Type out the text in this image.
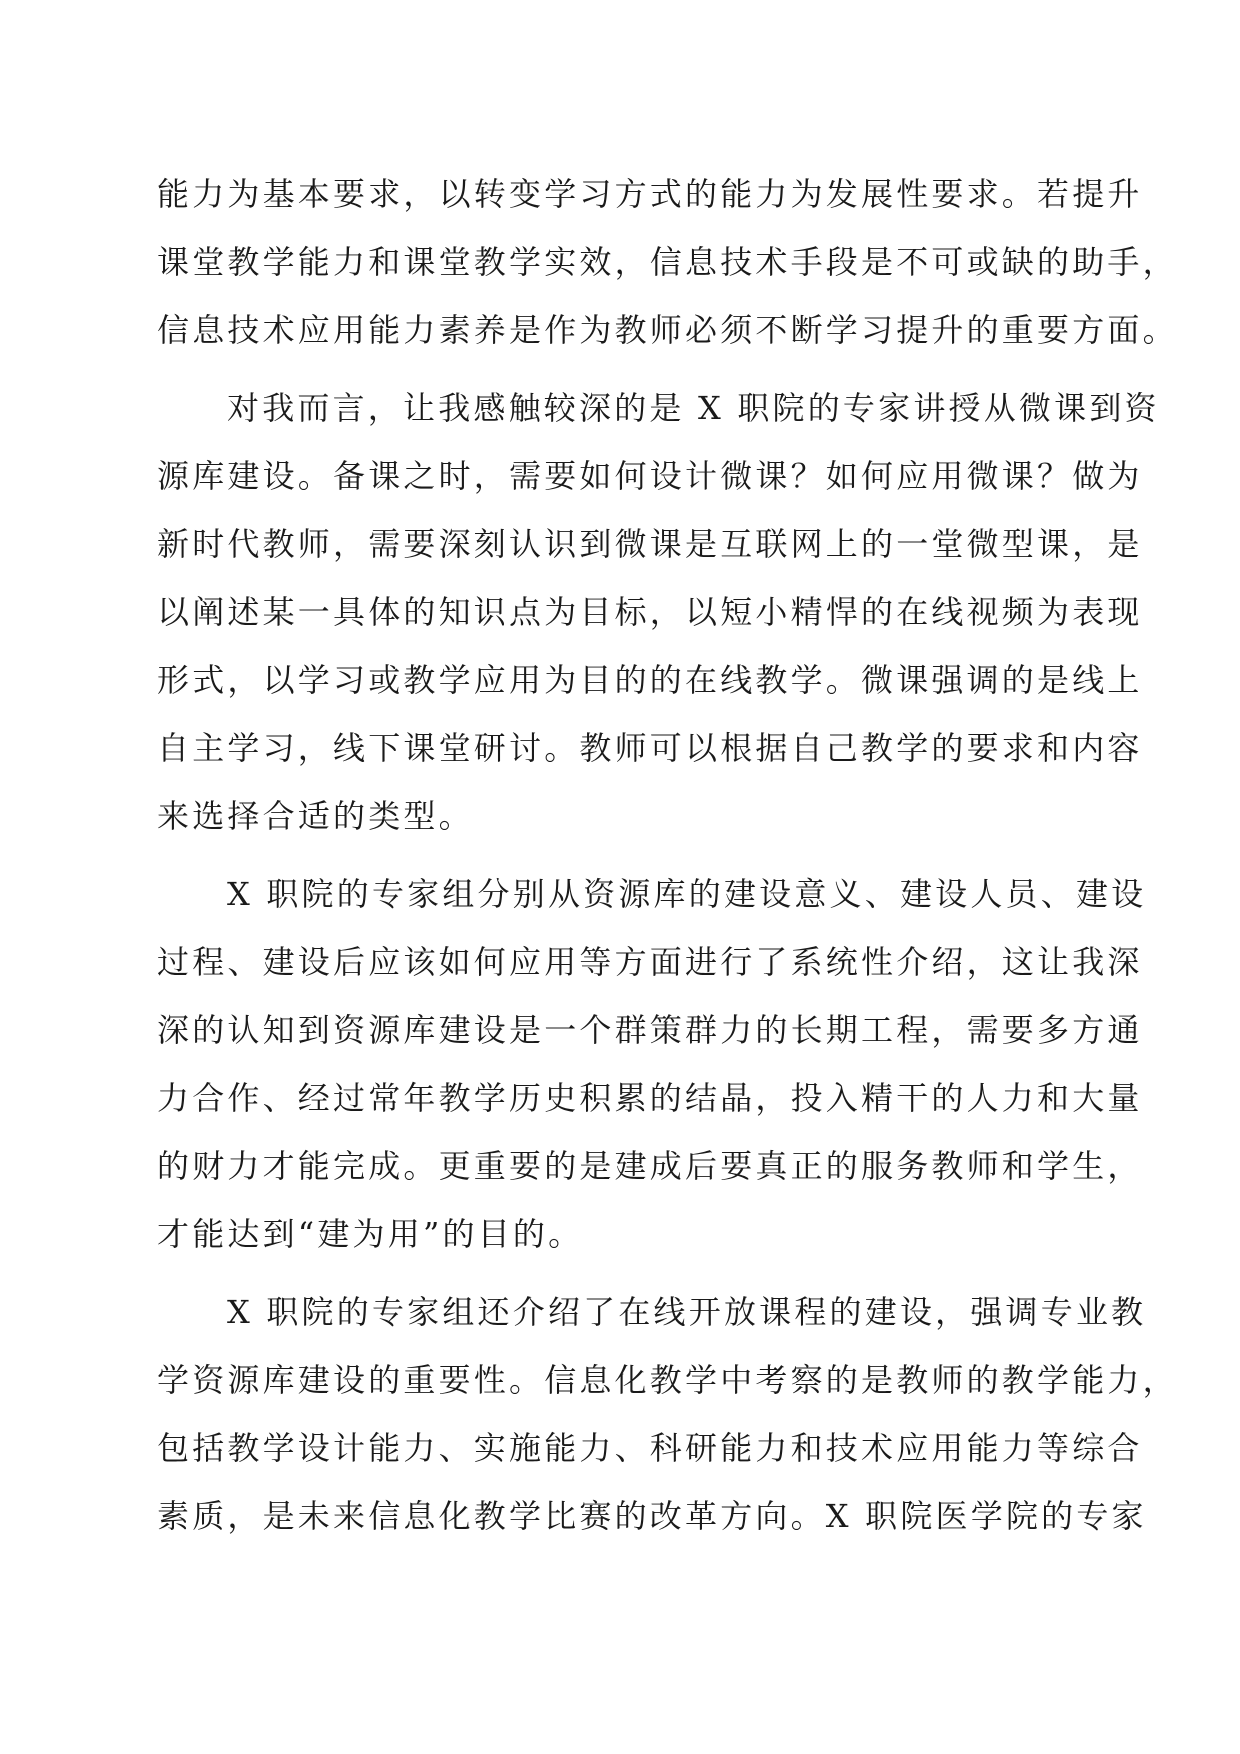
能力为基本要求，以转变学习方式的能力为发展性要求。若提升
课堂教学能力和课堂教学实效，信息技术手段是不可或缺的助手，
信息技术应用能力素养是作为教师必须不断学习提升的重要方面。
对我而言，让我感触较深的是 X 职院的专家讲授从微课到资
源库建设。备课之时，需要如何设计微课？如何应用微课？做为
新时代教师，需要深刻认识到微课是互联网上的一堂微型课，是
以阐述某一具体的知识点为目标，以短小精悍的在线视频为表现
形式，以学习或教学应用为目的的在线教学。微课强调的是线上
自主学习，线下课堂研讨。教师可以根据自己教学的要求和内容
来选择合适的类型。
X 职院的专家组分别从资源库的建设意义、建设人员、建设
过程、建设后应该如何应用等方面进行了系统性介绍，这让我深
深的认知到资源库建设是一个群策群力的长期工程，需要多方通
力合作、经过常年教学历史积累的结晶，投入精干的人力和大量
的财力才能完成。更重要的是建成后要真正的服务教师和学生，
才能达到“建为用”的目的。
X 职院的专家组还介绍了在线开放课程的建设，强调专业教
学资源库建设的重要性。信息化教学中考察的是教师的教学能力，
包括教学设计能力、实施能力、科研能力和技术应用能力等综合
素质，是未来信息化教学比赛的改革方向。X 职院医学院的专家
